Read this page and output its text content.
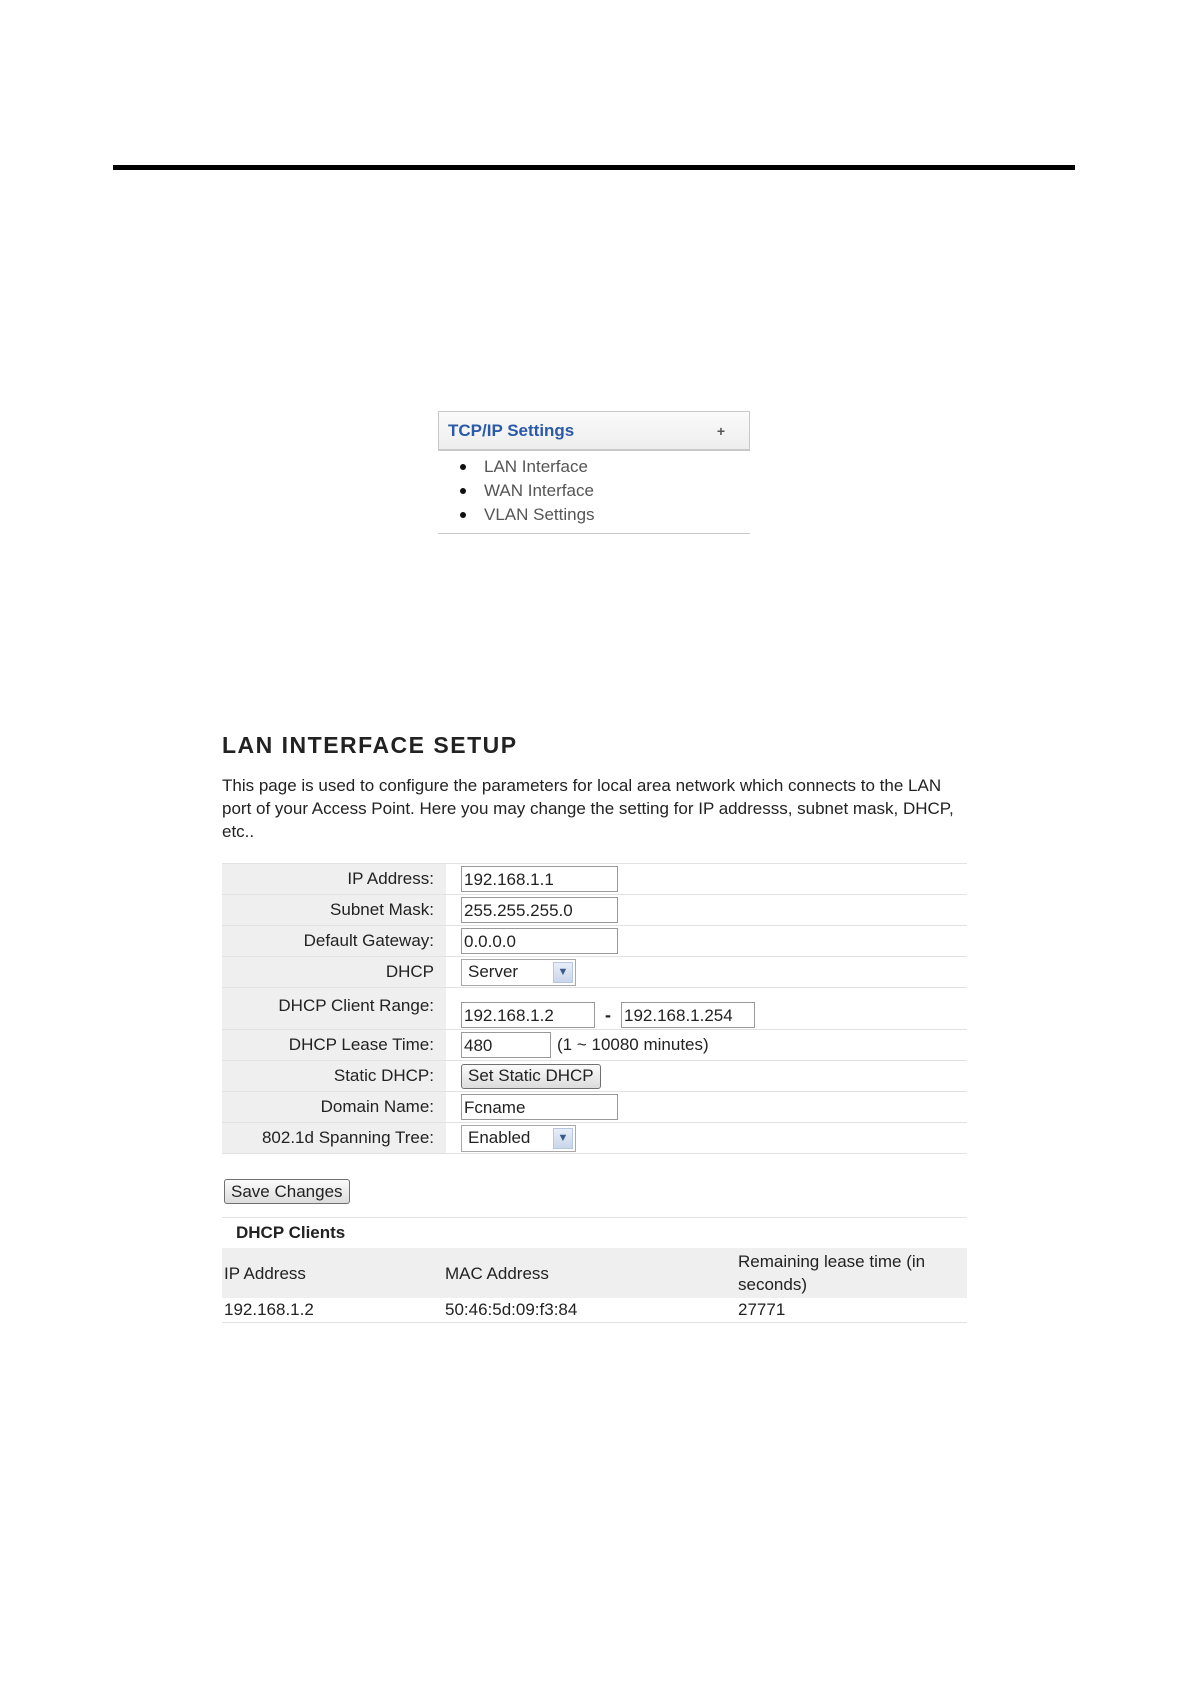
TCP/IP Settings	+
LAN Interface
WAN Interface
VLAN Settings
LAN INTERFACE SETUP

This page is used to configure the parameters for local area network which connects to the LAN port of your Access Point. Here you may change the setting for IP addresss, subnet mask, DHCP, etc..

IP Address:	192.168.1.1
Subnet Mask:	255.255.255.0
Default Gateway:	0.0.0.0
DHCP	Server ▼

DHCP Client Range:	192.168.1.2-192.168.1.254
DHCP Lease Time:	480(1 ~ 10080 minutes)
Static DHCP:	Set Static DHCP
Domain Name:	Fcname
802.1d Spanning Tree:	Enabled ▼
Save Changes
DHCP Clients
IP Address	MAC Address	Remaining lease time (in seconds)
192.168.1.2	50:46:5d:09:f3:84	27771
